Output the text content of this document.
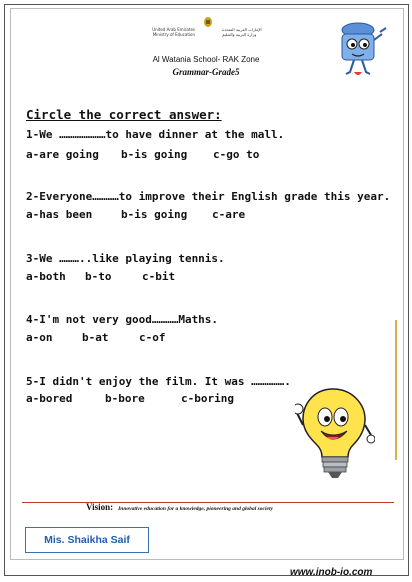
United Arab Emirates Ministry of Education
الإمارات العربية المتحدة وزارة التربية والتعليم
Al Watania School- RAK Zone
Grammar-Grade5
Circle the correct answer:
1-We …………………to have dinner at the mall.
a-are going b-is going c-go to
2-Everyone…………to improve their English grade this year.
a-has been	b-is going c-are
3-We ………..like playing tennis.
a-both b-to	c-bit
4-I'm not very good…………Maths.
a-on	b-at	c-of
5-I didn't enjoy the film. It was …………….
a-bored	b-bore	c-boring
Vision: Innovative education for a knowledge, pioneering and global society
Mis. Shaikha Saif
www.inob-io.com
